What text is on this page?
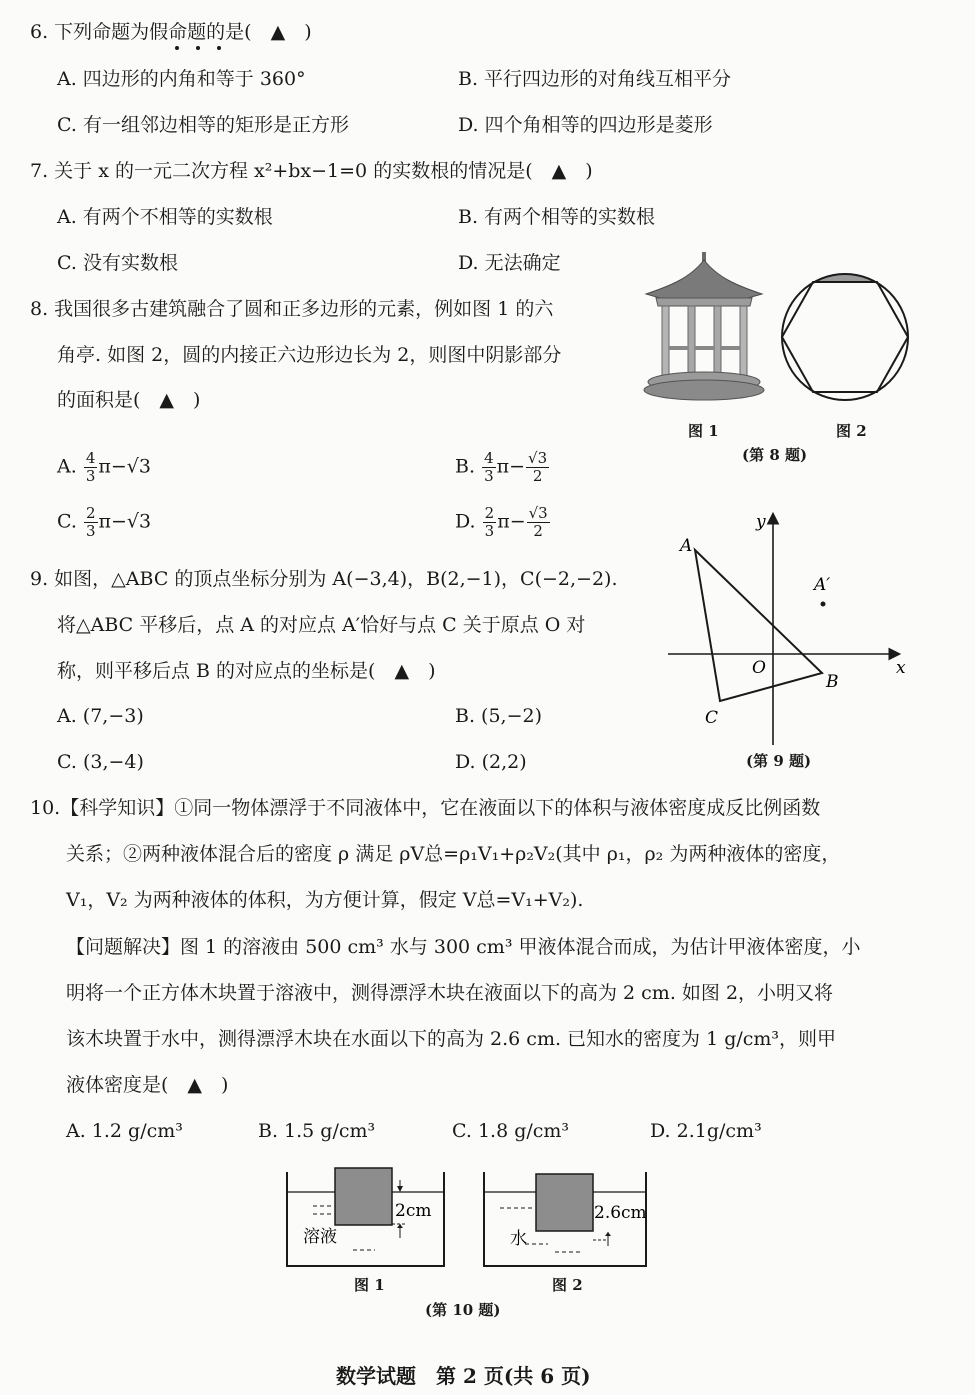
6. 下列命题为假命题的是(　▲　)
A. 四边形的内角和等于 360°	B. 平行四边形的对角线互相平分
C. 有一组邻边相等的矩形是正方形	D. 四个角相等的四边形是菱形
7. 关于 x 的一元二次方程 x²+bx−1=0 的实数根的情况是(　▲　)
A. 有两个不相等的实数根	B. 有两个相等的实数根
C. 没有实数根	D. 无法确定
8. 我国很多古建筑融合了圆和正多边形的元素，例如图 1 的六
角亭. 如图 2，圆的内接正六边形边长为 2，则图中阴影部分
的面积是(　▲　)
A. $\frac{4}{3} \pi-√3$	B. $\frac{4}{3} \pi- \frac{√3}{2}$
C. $\frac{2}{3} \pi-√3$	D. $\frac{2}{3} \pi- \frac{√3}{2}$
图 1	图 2
(第 8 题)
9. 如图，△ABC 的顶点坐标分别为 A(−3,4)，B(2,−1)，C(−2,−2).
将△ABC 平移后，点 A 的对应点 A′恰好与点 C 关于原点 O 对
称，则平移后点 B 的对应点的坐标是(　▲　)
A. (7,−3)	B. (5,−2)
C. (3,−4)	D. (2,2)
A
B
C
O
A′
x
y
(第 9 题)
10.【科学知识】①同一物体漂浮于不同液体中，它在液面以下的体积与液体密度成反比例函数
关系；②两种液体混合后的密度 ρ 满足 ρV总=ρ₁V₁+ρ₂V₂(其中 ρ₁，ρ₂ 为两种液体的密度，
V₁，V₂ 为两种液体的体积，为方便计算，假定 V总=V₁+V₂).
【问题解决】图 1 的溶液由 500 cm³ 水与 300 cm³ 甲液体混合而成，为估计甲液体密度，小
明将一个正方体木块置于溶液中，测得漂浮木块在液面以下的高为 2 cm. 如图 2，小明又将
该木块置于水中，测得漂浮木块在水面以下的高为 2.6 cm. 已知水的密度为 1 g/cm³，则甲
液体密度是(　▲　)
A. 1.2 g/cm³	B. 1.5 g/cm³	C. 1.8 g/cm³	D. 2.1g/cm³
2cm
溶液
2.6cm
水
图 1	图 2
(第 10 题)
数学试题　第 2 页(共 6 页)
